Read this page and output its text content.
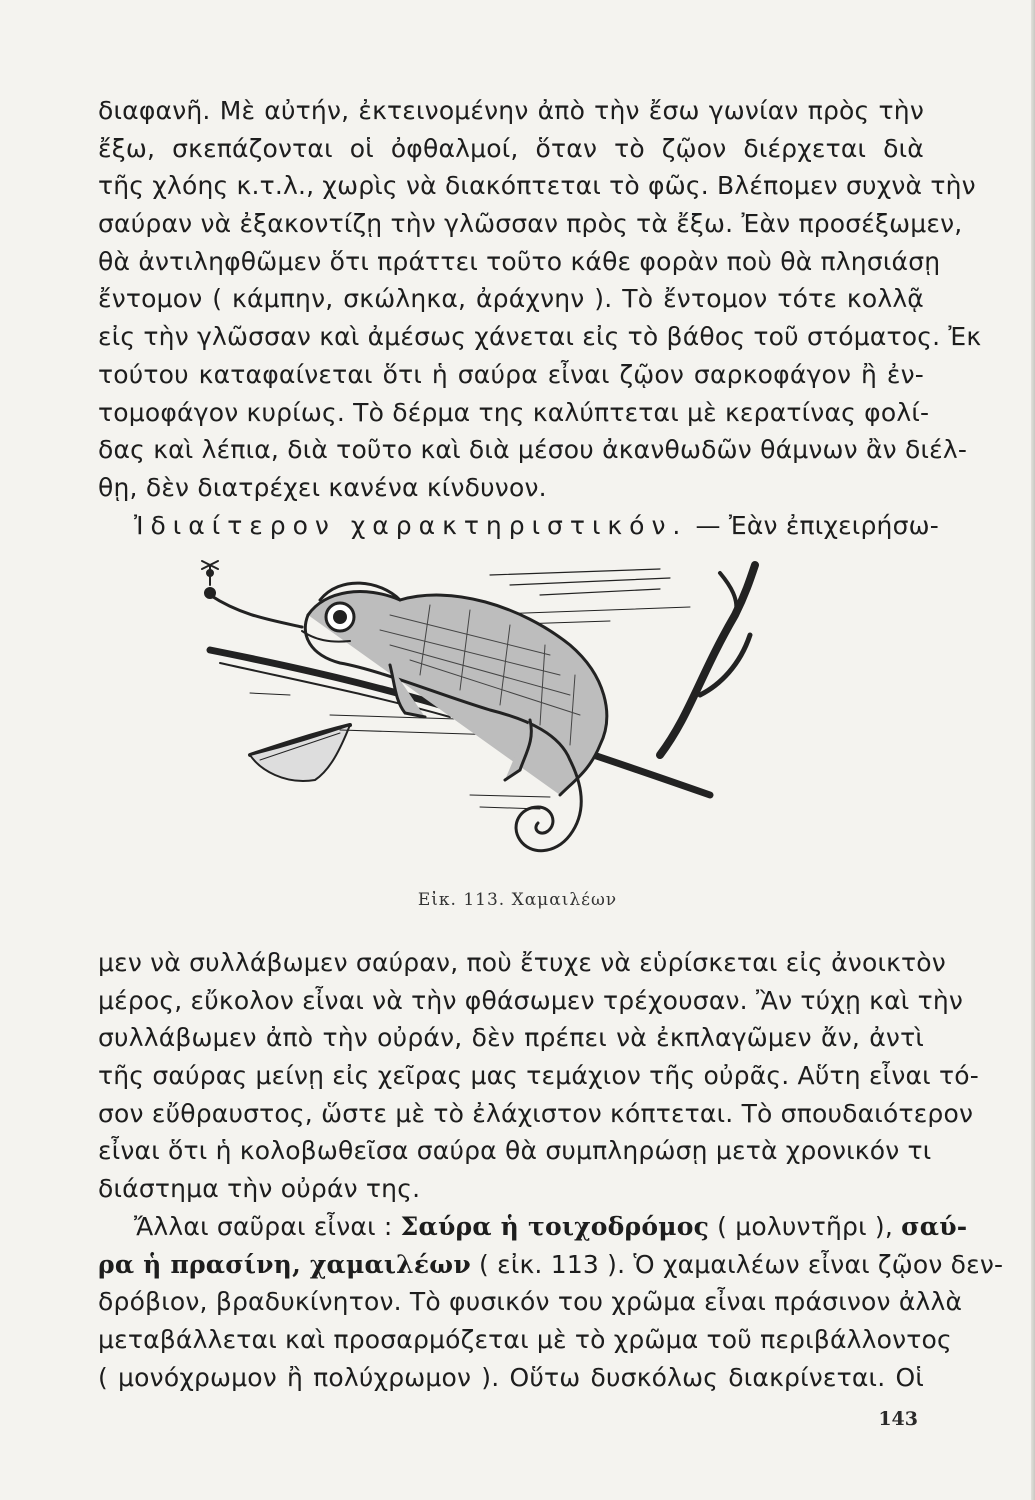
διαφανῆ. Μὲ αὐτήν, ἐκτεινομένην ἀπὸ τὴν ἔσω γωνίαν πρὸς τὴν
ἔξω, σκεπάζονται οἱ ὀφθαλμοί, ὅταν τὸ ζῷον διέρχεται διὰ
τῆς χλόης κ.τ.λ., χωρὶς νὰ διακόπτεται τὸ φῶς. Βλέπομεν συχνὰ τὴν
σαύραν νὰ ἐξακοντίζῃ τὴν γλῶσσαν πρὸς τὰ ἔξω. Ἐὰν προσέξωμεν,
θὰ ἀντιληφθῶμεν ὅτι πράττει τοῦτο κάθε φορὰν ποὺ θὰ πλησιάσῃ
ἔντομον ( κάμπην, σκώληκα, ἀράχνην ). Τὸ ἔντομον τότε κολλᾷ
εἰς τὴν γλῶσσαν καὶ ἀμέσως χάνεται εἰς τὸ βάθος τοῦ στόματος. Ἐκ
τούτου καταφαίνεται ὅτι ἡ σαύρα εἶναι ζῷον σαρκοφάγον ἢ ἐν-
τομοφάγον κυρίως. Τὸ δέρμα της καλύπτεται μὲ κερατίνας φολί-
δας καὶ λέπια, διὰ τοῦτο καὶ διὰ μέσου ἀκανθωδῶν θάμνων ἂν διέλ-
θῃ, δὲν διατρέχει κανένα κίνδυνον.
Ἰδιαίτερον χαρακτηριστικόν. — Ἐὰν ἐπιχειρήσω-
Εἰκ. 113. Χαμαιλέων
μεν νὰ συλλάβωμεν σαύραν, ποὺ ἔτυχε νὰ εὑρίσκεται εἰς ἀνοικτὸν
μέρος, εὔκολον εἶναι νὰ τὴν φθάσωμεν τρέχουσαν. Ἂν τύχῃ καὶ τὴν
συλλάβωμεν ἀπὸ τὴν οὐράν, δὲν πρέπει νὰ ἐκπλαγῶμεν ἄν, ἀντὶ
τῆς σαύρας μείνῃ εἰς χεῖρας μας τεμάχιον τῆς οὐρᾶς. Αὕτη εἶναι τό-
σον εὔθραυστος, ὥστε μὲ τὸ ἐλάχιστον κόπτεται. Τὸ σπουδαιότερον
εἶναι ὅτι ἡ κολοβωθεῖσα σαύρα θὰ συμπληρώσῃ μετὰ χρονικόν τι
διάστημα τὴν οὐράν της.
Ἄλλαι σαῦραι εἶναι : Σαύρα ἡ τοιχοδρόμος ( μολυντῆρι ), σαύ-
ρα ἡ πρασίνη, χαμαιλέων ( εἰκ. 113 ). Ὁ χαμαιλέων εἶναι ζῷον δεν-
δρόβιον, βραδυκίνητον. Τὸ φυσικόν του χρῶμα εἶναι πράσινον ἀλλὰ
μεταβάλλεται καὶ προσαρμόζεται μὲ τὸ χρῶμα τοῦ περιβάλλοντος
( μονόχρωμον ἢ πολύχρωμον ). Οὕτω δυσκόλως διακρίνεται. Οἱ
143
